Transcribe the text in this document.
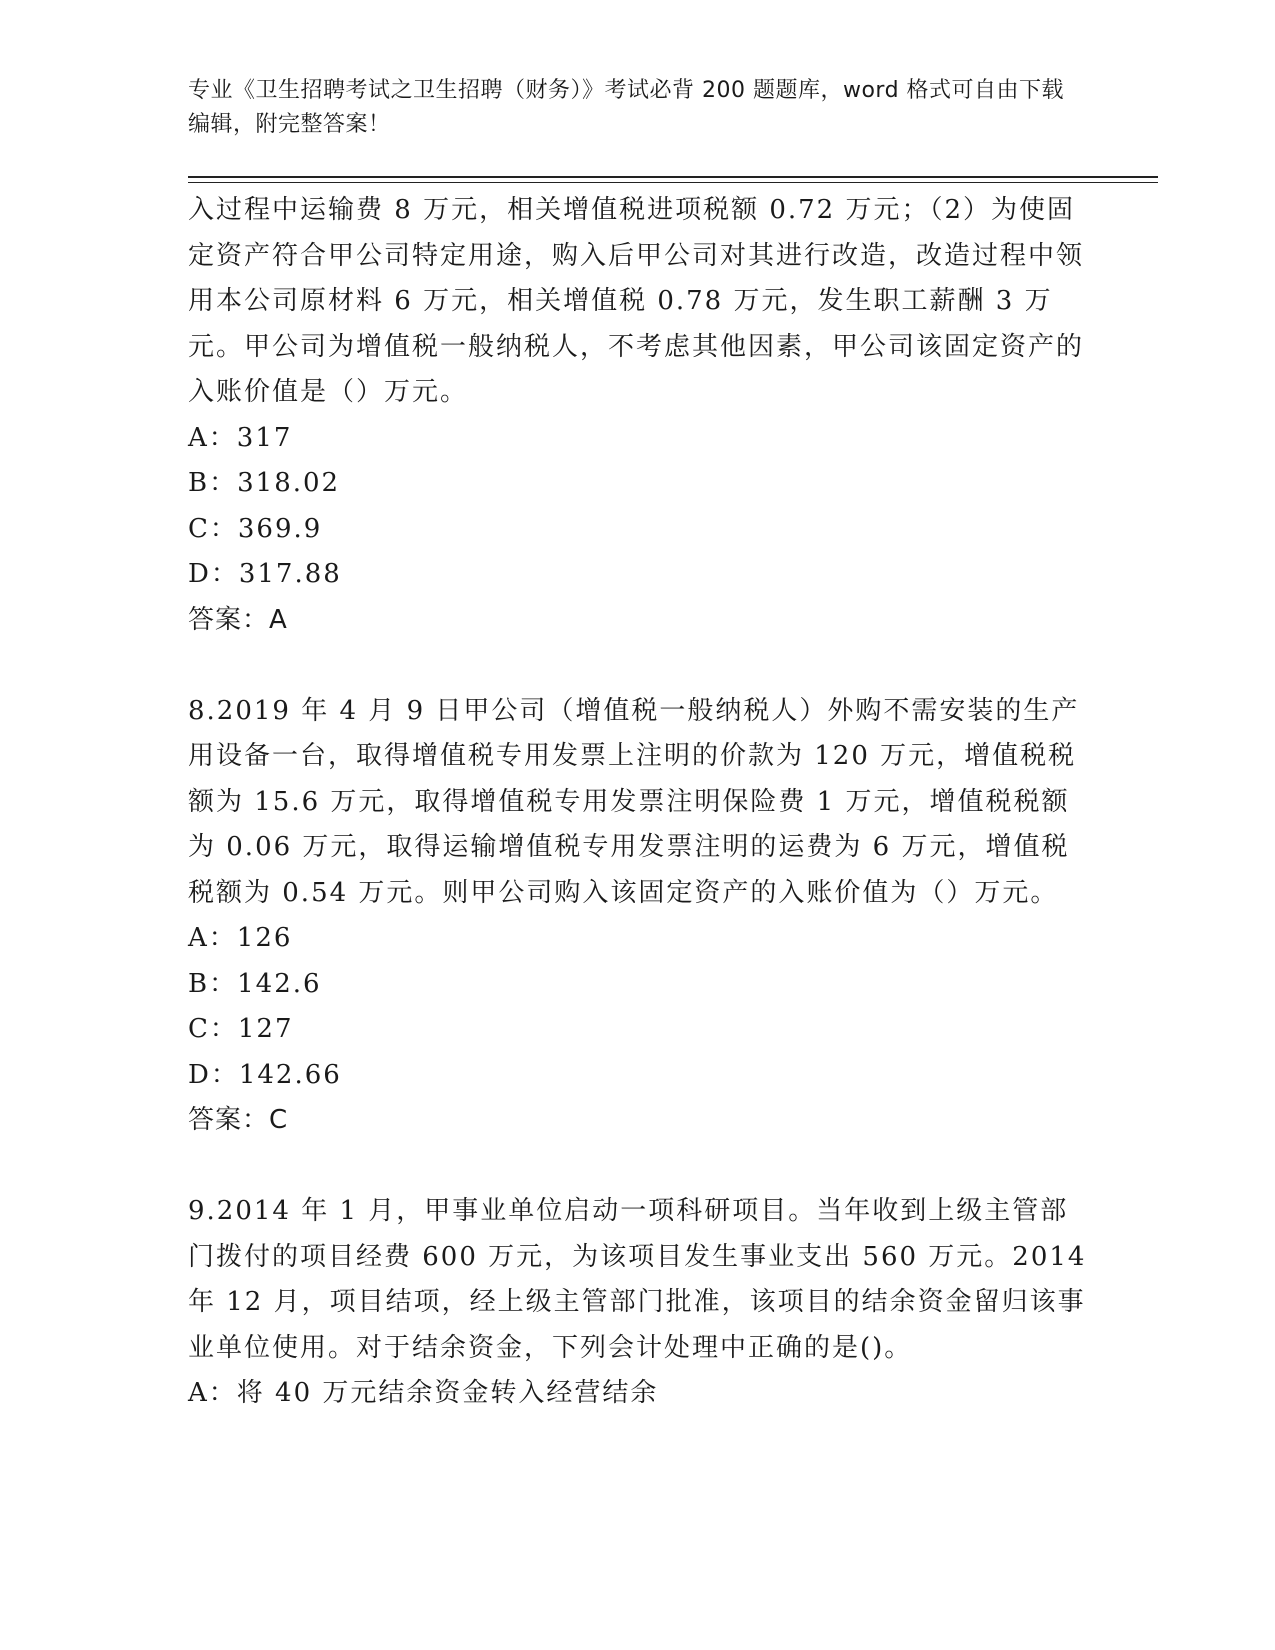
专业《卫生招聘考试之卫生招聘（财务）》考试必背 200 题题库，word 格式可自由下载编辑，附完整答案！

入过程中运输费 8 万元，相关增值税进项税额 0.72 万元；（2）为使固定资产符合甲公司特定用途，购入后甲公司对其进行改造，改造过程中领用本公司原材料 6 万元，相关增值税 0.78 万元，发生职工薪酬 3 万元。甲公司为增值税一般纳税人，不考虑其他因素，甲公司该固定资产的入账价值是（）万元。

A：317

B：318.02

C：369.9

D：317.88

答案：A

8.2019 年 4 月 9 日甲公司（增值税一般纳税人）外购不需安装的生产用设备一台，取得增值税专用发票上注明的价款为 120 万元，增值税税额为 15.6 万元，取得增值税专用发票注明保险费 1 万元，增值税税额为 0.06 万元，取得运输增值税专用发票注明的运费为 6 万元，增值税税额为 0.54 万元。则甲公司购入该固定资产的入账价值为（）万元。

A：126

B：142.6

C：127

D：142.66

答案：C

9.2014 年 1 月，甲事业单位启动一项科研项目。当年收到上级主管部门拨付的项目经费 600 万元，为该项目发生事业支出 560 万元。2014 年 12 月，项目结项，经上级主管部门批准，该项目的结余资金留归该事业单位使用。对于结余资金，下列会计处理中正确的是()。

A：将 40 万元结余资金转入经营结余
